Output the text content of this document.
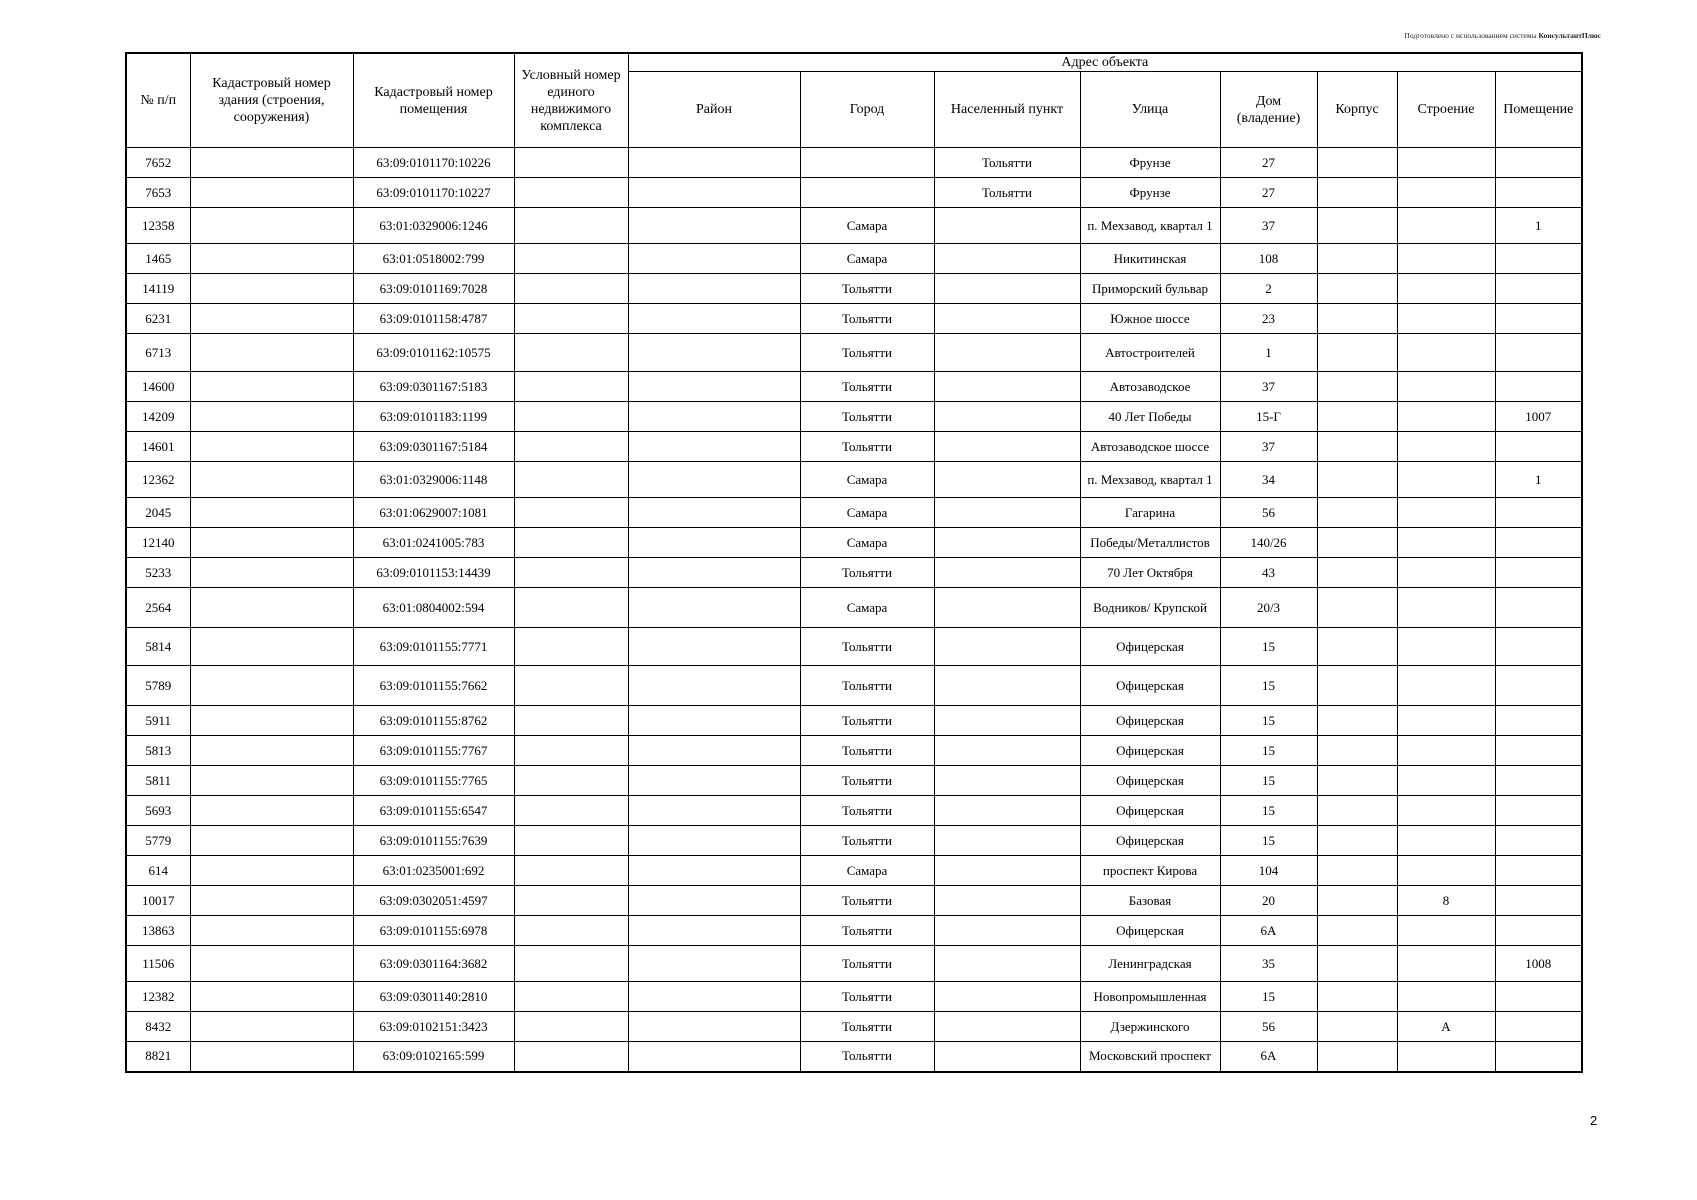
Подготовлено с использованием системы КонсультантПлюс
№ п/п	Кадастровый номер здания (строения, сооружения)	Кадастровый номер помещения	Условный номер единого недвижимого комплекса	Адрес объекта							
				Район	Город	Населенный пункт	Улица	Дом (владение)	Корпус	Строение	Помещение
7652		63:09:0101170:10226				Тольятти	Фрунзе	27			
7653		63:09:0101170:10227				Тольятти	Фрунзе	27			
12358		63:01:0329006:1246			Самара		п. Мехзавод, квартал 1	37			1
1465		63:01:0518002:799			Самара		Никитинская	108			
14119		63:09:0101169:7028			Тольятти		Приморский бульвар	2			
6231		63:09:0101158:4787			Тольятти		Южное шоссе	23			
6713		63:09:0101162:10575			Тольятти		Автостроителей	1			
14600		63:09:0301167:5183			Тольятти		Автозаводское	37			
14209		63:09:0101183:1199			Тольятти		40 Лет Победы	15-Г			1007
14601		63:09:0301167:5184			Тольятти		Автозаводское шоссе	37			
12362		63:01:0329006:1148			Самара		п. Мехзавод, квартал 1	34			1
2045		63:01:0629007:1081			Самара		Гагарина	56			
12140		63:01:0241005:783			Самара		Победы/Металлистов	140/26			
5233		63:09:0101153:14439			Тольятти		70 Лет Октября	43			
2564		63:01:0804002:594			Самара		Водников/ Крупской	20/3			
5814		63:09:0101155:7771			Тольятти		Офицерская	15			
5789		63:09:0101155:7662			Тольятти		Офицерская	15			
5911		63:09:0101155:8762			Тольятти		Офицерская	15			
5813		63:09:0101155:7767			Тольятти		Офицерская	15			
5811		63:09:0101155:7765			Тольятти		Офицерская	15			
5693		63:09:0101155:6547			Тольятти		Офицерская	15			
5779		63:09:0101155:7639			Тольятти		Офицерская	15			
614		63:01:0235001:692			Самара		проспект Кирова	104			
10017		63:09:0302051:4597			Тольятти		Базовая	20		8	
13863		63:09:0101155:6978			Тольятти		Офицерская	6А			
11506		63:09:0301164:3682			Тольятти		Ленинградская	35			1008
12382		63:09:0301140:2810			Тольятти		Новопромышленная	15			
8432		63:09:0102151:3423			Тольятти		Дзержинского	56		А	
8821		63:09:0102165:599			Тольятти		Московский проспект	6А			
2
